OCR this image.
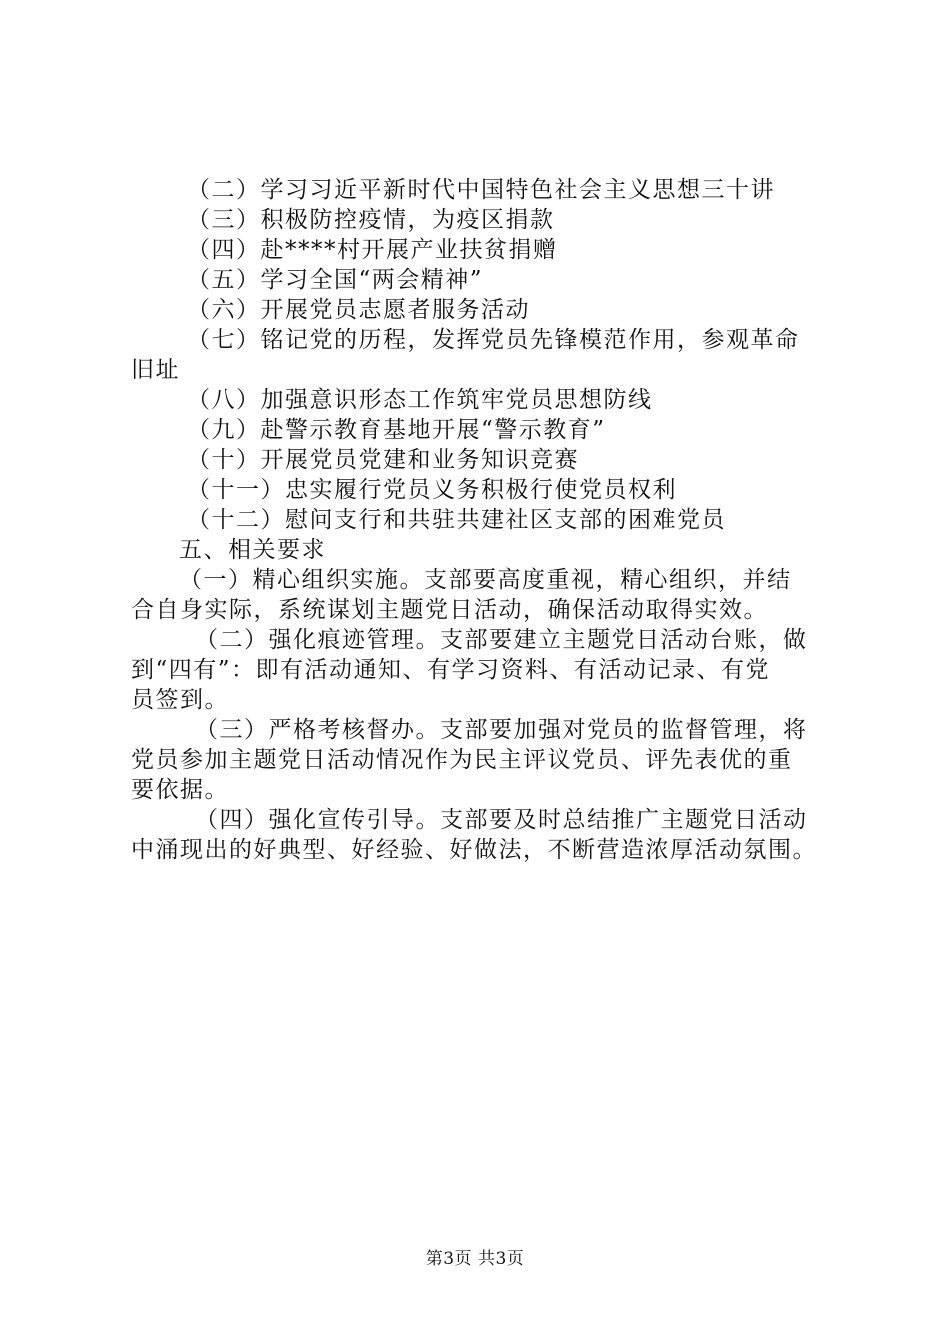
（二）学习习近平新时代中国特色社会主义思想三十讲
（三）积极防控疫情，为疫区捐款
（四）赴****村开展产业扶贫捐赠
（五）学习全国“两会精神”
（六）开展党员志愿者服务活动
（七）铭记党的历程，发挥党员先锋模范作用，参观革命
旧址
（八）加强意识形态工作筑牢党员思想防线
（九）赴警示教育基地开展“警示教育”
（十）开展党员党建和业务知识竞赛
（十一）忠实履行党员义务积极行使党员权利
（十二）慰问支行和共驻共建社区支部的困难党员
五、相关要求
（一）精心组织实施。支部要高度重视，精心组织，并结
合自身实际，系统谋划主题党日活动，确保活动取得实效。
（二）强化痕迹管理。支部要建立主题党日活动台账，做
到“四有”：即有活动通知、有学习资料、有活动记录、有党
员签到。
（三）严格考核督办。支部要加强对党员的监督管理，将
党员参加主题党日活动情况作为民主评议党员、评先表优的重
要依据。
（四）强化宣传引导。支部要及时总结推广主题党日活动
中涌现出的好典型、好经验、好做法，不断营造浓厚活动氛围。
第3页 共3页
